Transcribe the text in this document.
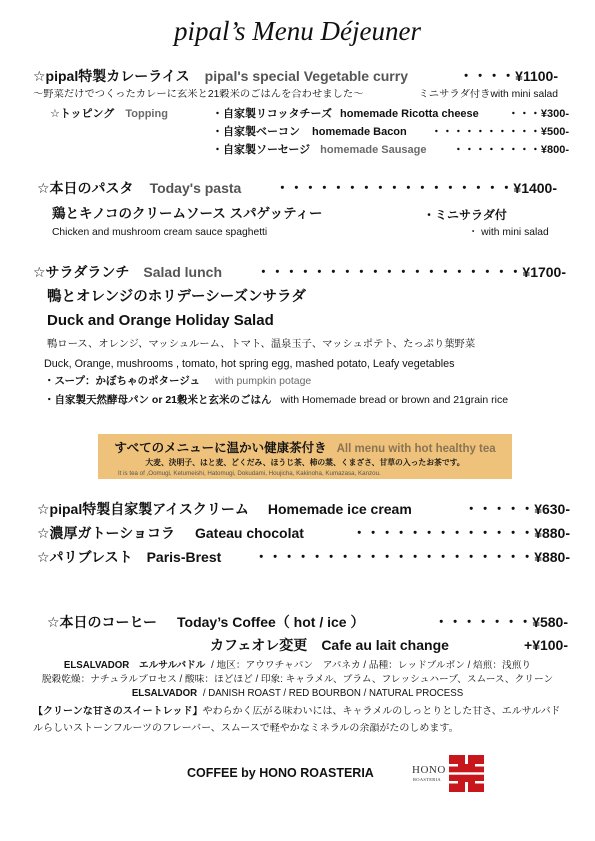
pipal’s Menu Déjeuner
☆pipal特製カレーライス pipal's special Vegetable curry	・・・・ ¥1100-
〜野菜だけでつくったカレーに玄米と21穀米のごはんを合わせました〜	ミニサラダ付きwith mini salad
☆トッピング Topping	・自家製リコッタチーズ homemade Ricotta cheese	・・・ ¥300-
・自家製ベーコン homemade Bacon ・・・・・・・・・・ ¥500-
・自家製ソーセージ homemade Sausage ・・・・・・・・ ¥800-
☆本日のパスタ Today's pasta ・・・・・・・・・・・・・・・・・ ¥1400-
鶏とキノコのクリームソース スパゲッティー	・ミニサラダ付
Chicken and mushroom cream sauce spaghetti	・ with mini salad
☆サラダランチ Salad lunch ・・・・・・・・・・・・・・・・・・・ ¥1700-
鴨とオレンジのホリデーシーズンサラダ
Duck and Orange Holiday Salad
鴨ロース、オレンジ、マッシュルーム、トマト、温泉玉子、マッシュポテト、たっぷり葉野菜
Duck, Orange, mushrooms , tomato, hot spring egg, mashed potato, Leafy vegetables
・スープ：かぼちゃのポタージュ with pumpkin potage
・自家製天然酵母パン or 21穀米と玄米のごはん with Homemade bread or brown and 21grain rice
すべてのメニューに温かい健康茶付き All menu with hot healthy tea
大麦、決明子、はと麦、どくだみ、ほうじ茶、柿の葉、くまざさ、甘草の入ったお茶です。
It is tea of ,Oomugi, Ketumeishi, Hatomugi, Dokudami, Houjicha, Kakinoha, Kumazasa, Kanzou.
☆pipal特製自家製アイスクリーム Homemade ice cream	・・・・・ ¥630-
☆濃厚ガトーショコラ Gateau chocolat	・・・・・・・・・・・・・ ¥880-
☆パリブレスト Paris-Brest ・・・・・・・・・・・・・・・・・・・・ ¥880-
☆本日のコーヒー Today’s Coffee（ hot / ice ）	・・・・・・・ ¥580-
カフェオレ変更 Cafe au lait change	+¥100-
ELSALVADOR　エルサルバドル / 地区：アウワチャパン　アパネカ / 品種：レッドブルボン / 焙煎：浅煎り
脱穀乾燥：ナチュラルプロセス / 酸味：ほどほど / 印象: キャラメル、プラム、フレッシュハーブ、スムース、クリーン
ELSALVADOR / DANISH ROAST / RED BOURBON / NATURAL PROCESS
【クリーンな甘さのスイートレッド】やわらかく広がる味わいには、キャラメルのしっとりとした甘さ、エルサルバド
ルらしいストーンフルーツのフレーバー、スムースで軽やかなミネラルの余韻がたのしめます。
COFFEE by HONO ROASTERIA	HONO
ROASTERIA
